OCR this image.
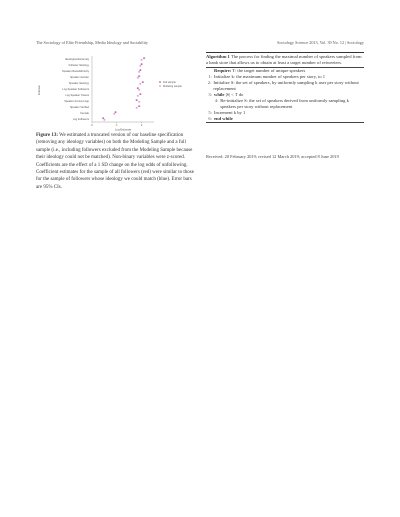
The Sociology of Elite Friendship, Media Ideology and Sociability	Sociology Science 2013, Vol. 39 No. 12 | Sociology
Ideological Extremity
Follower Ideology
Speaker Race/Ethnicity
Speaker Gender
Speaker Ideology
Log Speaker Followers
Log Speaker Tweets
Speaker Account Age
Speaker Verified
Female
Log Followers
Follower
0	1	2
Log Estimate
Full sample
Modeling sample
Figure 13: We estimated a truncated version of our baseline specification (removing any ideology variables) on both the Modeling Sample and a full sample (i.e., including followers excluded from the Modeling Sample because their ideology could not be matched). Non-binary variables were z-scored. Coefficients are the effect of a 1 SD change on the log odds of unfollowing. Coefficient estimates for the sample of all followers (red) were similar to those for the sample of followers whose ideology we could match (blue). Error bars are 95% CIs.
Algorithm 1 The process for finding the maximal number of speakers sampled from a bank store that allows us to obtain at least a target number of retweeters.
Require: T: the target number of unique speakers
1: Initialize k: the maximum number of speakers per story, to 1
2: Initialize S: the set of speakers, by uniformly sampling k user per story without replacement
3: while |S| < T do
4: Re-initialize S: the set of speakers derived from uniformly sampling k speakers per story without replacement
5: Increment k by 1
6: end while
Received: 20 February 2019; revised 12 March 2019; accepted 8 June 2019
